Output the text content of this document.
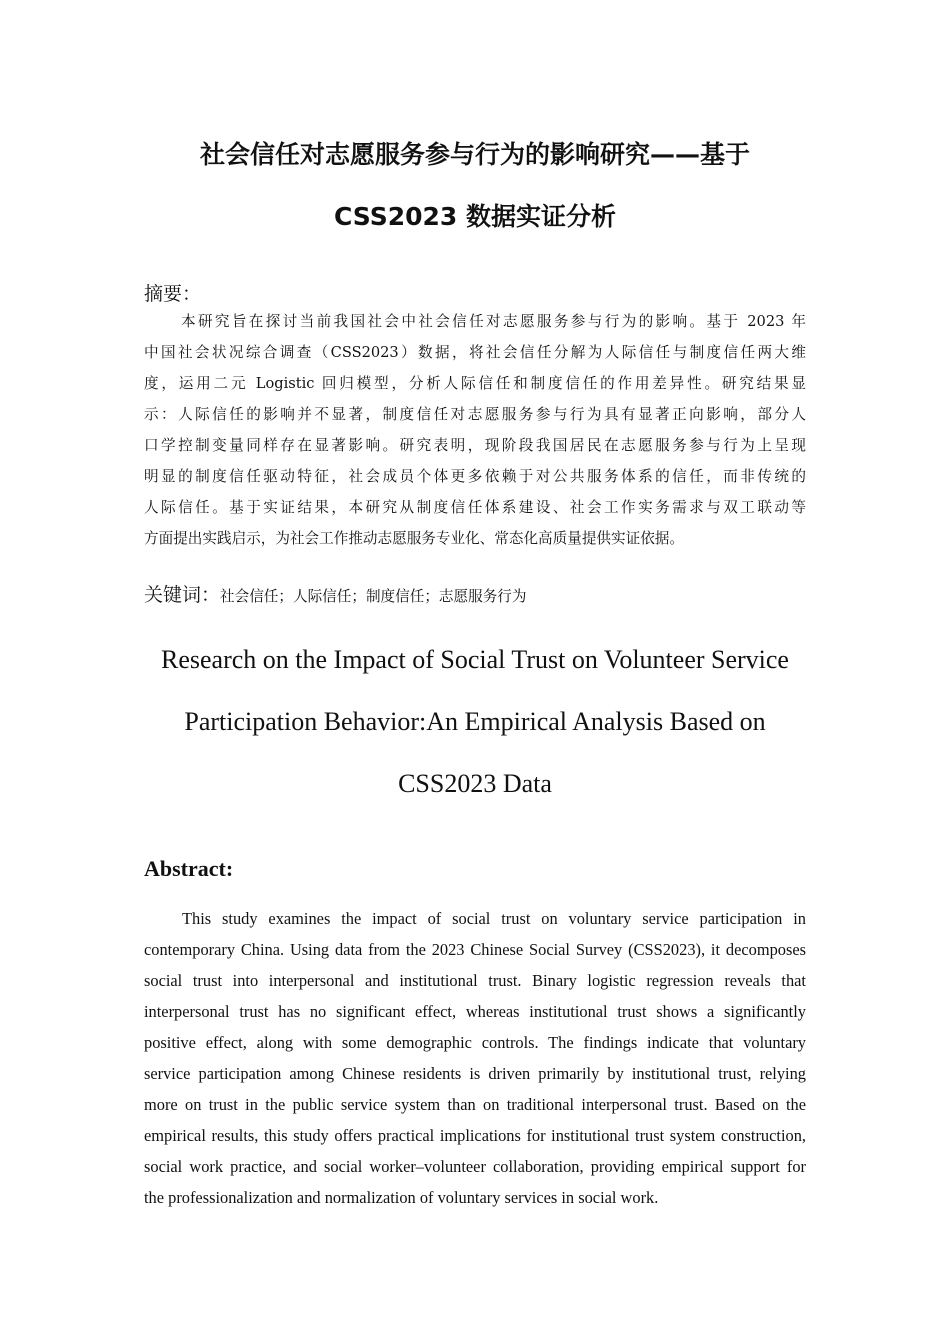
社会信任对志愿服务参与行为的影响研究——基于
CSS2023 数据实证分析
摘要：
本研究旨在探讨当前我国社会中社会信任对志愿服务参与行为的影响。基于 2023 年
中国社会状况综合调查（CSS2023）数据，将社会信任分解为人际信任与制度信任两大维
度，运用二元 Logistic 回归模型，分析人际信任和制度信任的作用差异性。研究结果显
示：人际信任的影响并不显著，制度信任对志愿服务参与行为具有显著正向影响，部分人
口学控制变量同样存在显著影响。研究表明，现阶段我国居民在志愿服务参与行为上呈现
明显的制度信任驱动特征，社会成员个体更多依赖于对公共服务体系的信任，而非传统的
人际信任。基于实证结果，本研究从制度信任体系建设、社会工作实务需求与双工联动等
方面提出实践启示，为社会工作推动志愿服务专业化、常态化高质量提供实证依据。
关键词：社会信任；人际信任；制度信任；志愿服务行为
Research on the Impact of Social Trust on Volunteer Service
Participation Behavior:An Empirical Analysis Based on
CSS2023 Data
Abstract:
This study examines the impact of social trust on voluntary service participation in
contemporary China. Using data from the 2023 Chinese Social Survey (CSS2023), it decomposes
social trust into interpersonal and institutional trust. Binary logistic regression reveals that
interpersonal trust has no significant effect, whereas institutional trust shows a significantly
positive effect, along with some demographic controls. The findings indicate that voluntary
service participation among Chinese residents is driven primarily by institutional trust, relying
more on trust in the public service system than on traditional interpersonal trust. Based on the
empirical results, this study offers practical implications for institutional trust system construction,
social work practice, and social worker–volunteer collaboration, providing empirical support for
the professionalization and normalization of voluntary services in social work.
